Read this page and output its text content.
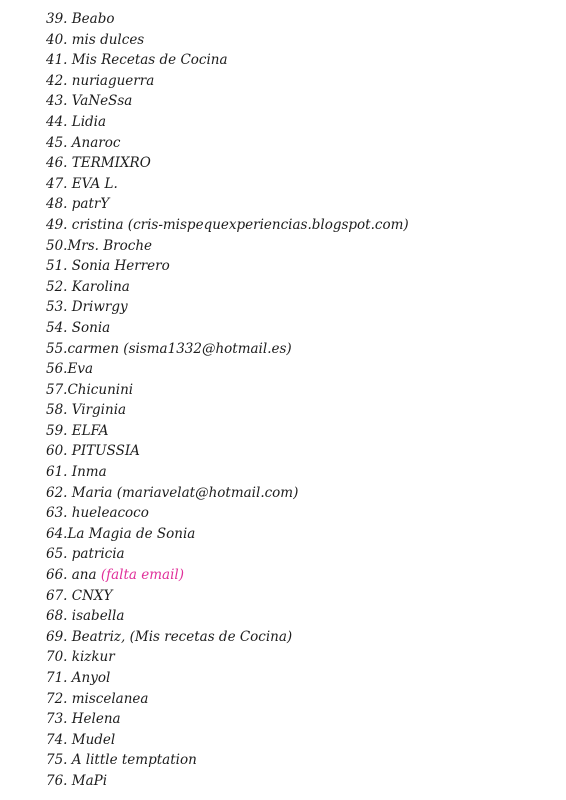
39. Beabo
40. mis dulces
41. Mis Recetas de Cocina
42. nuriaguerra
43. VaNeSsa
44. Lidia
45. Anaroc
46. TERMIXRO
47. EVA L.
48. patrY
49. cristina (cris-mispequexperiencias.blogspot.com)
50.Mrs. Broche
51. Sonia Herrero
52. Karolina
53. Driwrgy
54. Sonia
55.carmen (sisma1332@hotmail.es)
56.Eva
57.Chicunini
58. Virginia
59. ELFA
60. PITUSSIA
61. Inma
62. Maria (mariavelat@hotmail.com)
63. hueleacoco
64.La Magia de Sonia
65. patricia
66. ana (falta email)
67. CNXY
68. isabella
69. Beatriz, (Mis recetas de Cocina)
70. kizkur
71. Anyol
72. miscelanea
73. Helena
74. Mudel
75. A little temptation
76. MaPi
